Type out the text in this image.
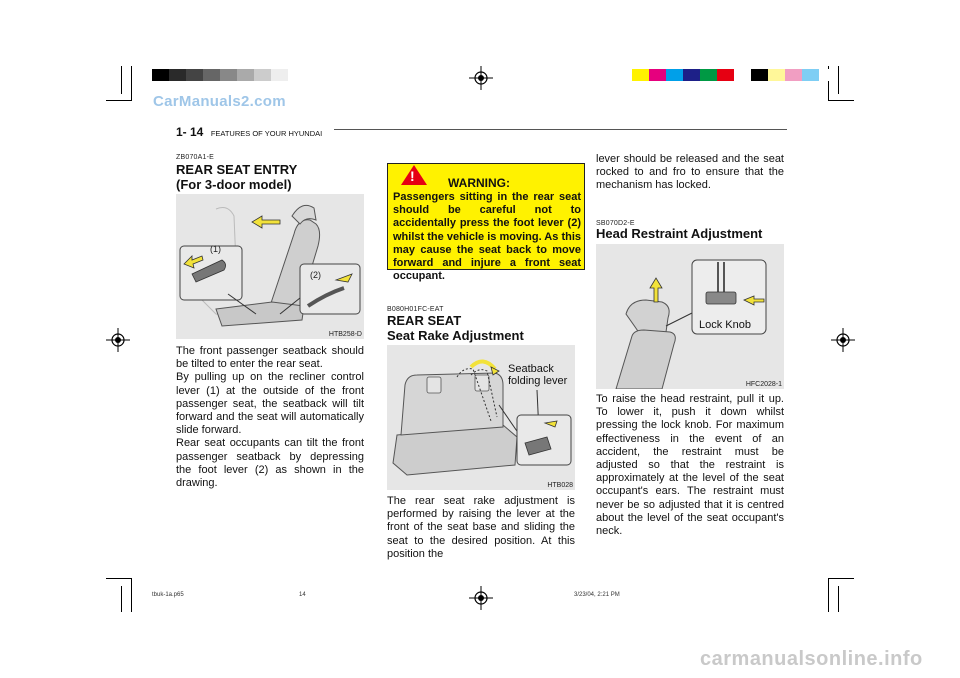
CarManuals2.com
1- 14 FEATURES OF YOUR HYUNDAI
ZB070A1-E
REAR SEAT ENTRY
(For 3-door model)
(1)
(2)
HTB258-D
The front passenger seatback should be tilted to enter the rear seat.
By pulling up on the recliner control lever (1) at the outside of the front passenger seat, the seatback will tilt forward and the seat will automatically slide forward.
Rear seat occupants can tilt the front passenger seatback by depressing the foot lever (2) as shown in the drawing.
!	WARNING:
Passengers sitting in the rear seat should be careful not to accidentally press the foot lever (2) whilst the vehicle is moving. As this may cause the seat back to move forward and injure a front seat occupant.
B080H01FC-EAT
REAR SEAT
Seat Rake Adjustment
Seatback
folding lever
HTB028
The rear seat rake adjustment is performed by raising the lever at the front of the seat base and sliding the seat to the desired position. At this position the
lever should be released and the seat rocked to and fro to ensure that the mechanism has locked.
SB070D2-E
Head Restraint Adjustment
Lock Knob
HFC2028-1
To raise the head restraint, pull it up. To lower it, push it down whilst pressing the lock knob. For maximum effectiveness in the event of an accident, the restraint must be adjusted so that the restraint is approximately at the level of the seat occupant's ears. The restraint must never be so adjusted that it is centred about the level of the seat occupant's neck.
tbuk-1a.p65	14	3/23/04, 2:21 PM
carmanualsonline.info
